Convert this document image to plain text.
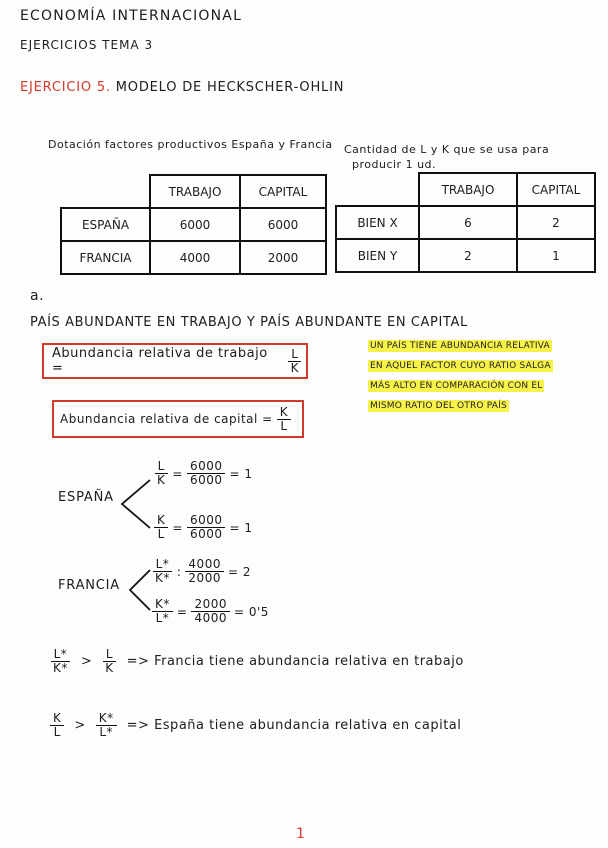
ECONOMÍA INTERNACIONAL
EJERCICIOS TEMA 3
EJERCICIO 5. MODELO DE HECKSCHER-OHLIN
Dotación factores productivos España y Francia Cantidad de L y K que se usa para
producir 1 ud.
	TRABAJO	CAPITAL
ESPAÑA	6000	6000
FRANCIA	4000	2000
	TRABAJO	CAPITAL
BIEN X	6	2
BIEN Y	2	1
a.
PAÍS ABUNDANTE EN TRABAJO Y PAÍS ABUNDANTE EN CAPITAL
Abundancia relativa de trabajo =	$\frac{L}{K}$
Abundancia relativa de capital = $\frac{K}{L}$
UN PAÍS TIENE ABUNDANCIA RELATIVA
EN AQUEL FACTOR CUYO RATIO SALGA
MÁS ALTO EN COMPARACIÓN CON EL
MISMO RATIO DEL OTRO PAÍS
ESPAÑA
$\frac{L}{K} = \frac{6000}{6000} = 1$
$\frac{K}{L} = \frac{6000}{6000} = 1$
FRANCIA
$\frac{L*}{K*}$ : $\frac{4000}{2000} = 2$
$\frac{K*}{L*} = \frac{2000}{4000} = 0'5$
$\frac{L*}{K*} > \frac{L}{K}$ => Francia tiene abundancia relativa en trabajo
$\frac{K}{L} > \frac{K*}{L*}$ => España tiene abundancia relativa en capital
1
